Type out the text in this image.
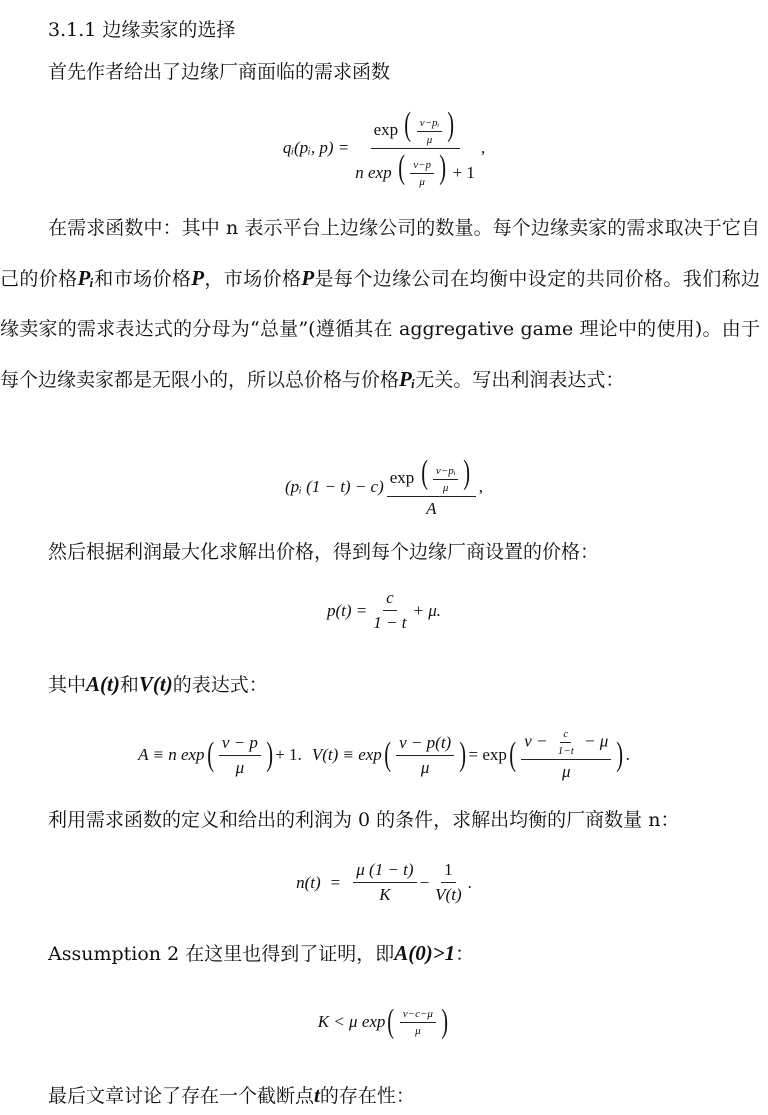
3.1.1 边缘卖家的选择
首先作者给出了边缘厂商面临的需求函数
qᵢ(pᵢ, $p) = \frac{\exp ( \frac{\text{v−pᵢ}}{\mu} )}{n \exp ( \frac{v-p}{\mu} ) + 1}$ ,
在需求函数中：其中 n 表示平台上边缘公司的数量。每个边缘卖家的需求取决于它自己的价格Pᵢ和市场价格P，市场价格P是每个边缘公司在均衡中设定的共同价格。我们称边缘卖家的需求表达式的分母为“总量”(遵循其在 aggregative game 理论中的使用)。由于每个边缘卖家都是无限小的，所以总价格与价格Pᵢ无关。写出利润表达式：
(pᵢ $(1 - t) - c) \frac{\exp ( \frac{\text{v−pᵢ}}{\mu} )}{A}$ ,
然后根据利润最大化求解出价格，得到每个边缘厂商设置的价格：
$p(t) = \frac{c}{1 - t} + \mu$.
其中A(t)和V(t)的表达式：
A ≡ n exp ( $\frac{v - p}{\mu}$ ) + 1. V(t) ≡ exp ( $\frac{v - p(t)}{\mu}$ ) = exp ( $\frac{v - \frac{c}{1-t} - \mu}{\mu}$ ) .
利用需求函数的定义和给出的利润为 0 的条件，求解出均衡的厂商数量 n：
$n(t) = \frac{\mu (1 - t)}{K} - \frac{1}{V(t)}$ .
Assumption 2 在这里也得到了证明，即A(0)>1：
K < μ exp ( $\frac{v-c-\mu}{\mu}$ )
最后文章讨论了存在一个截断点t的存在性：
